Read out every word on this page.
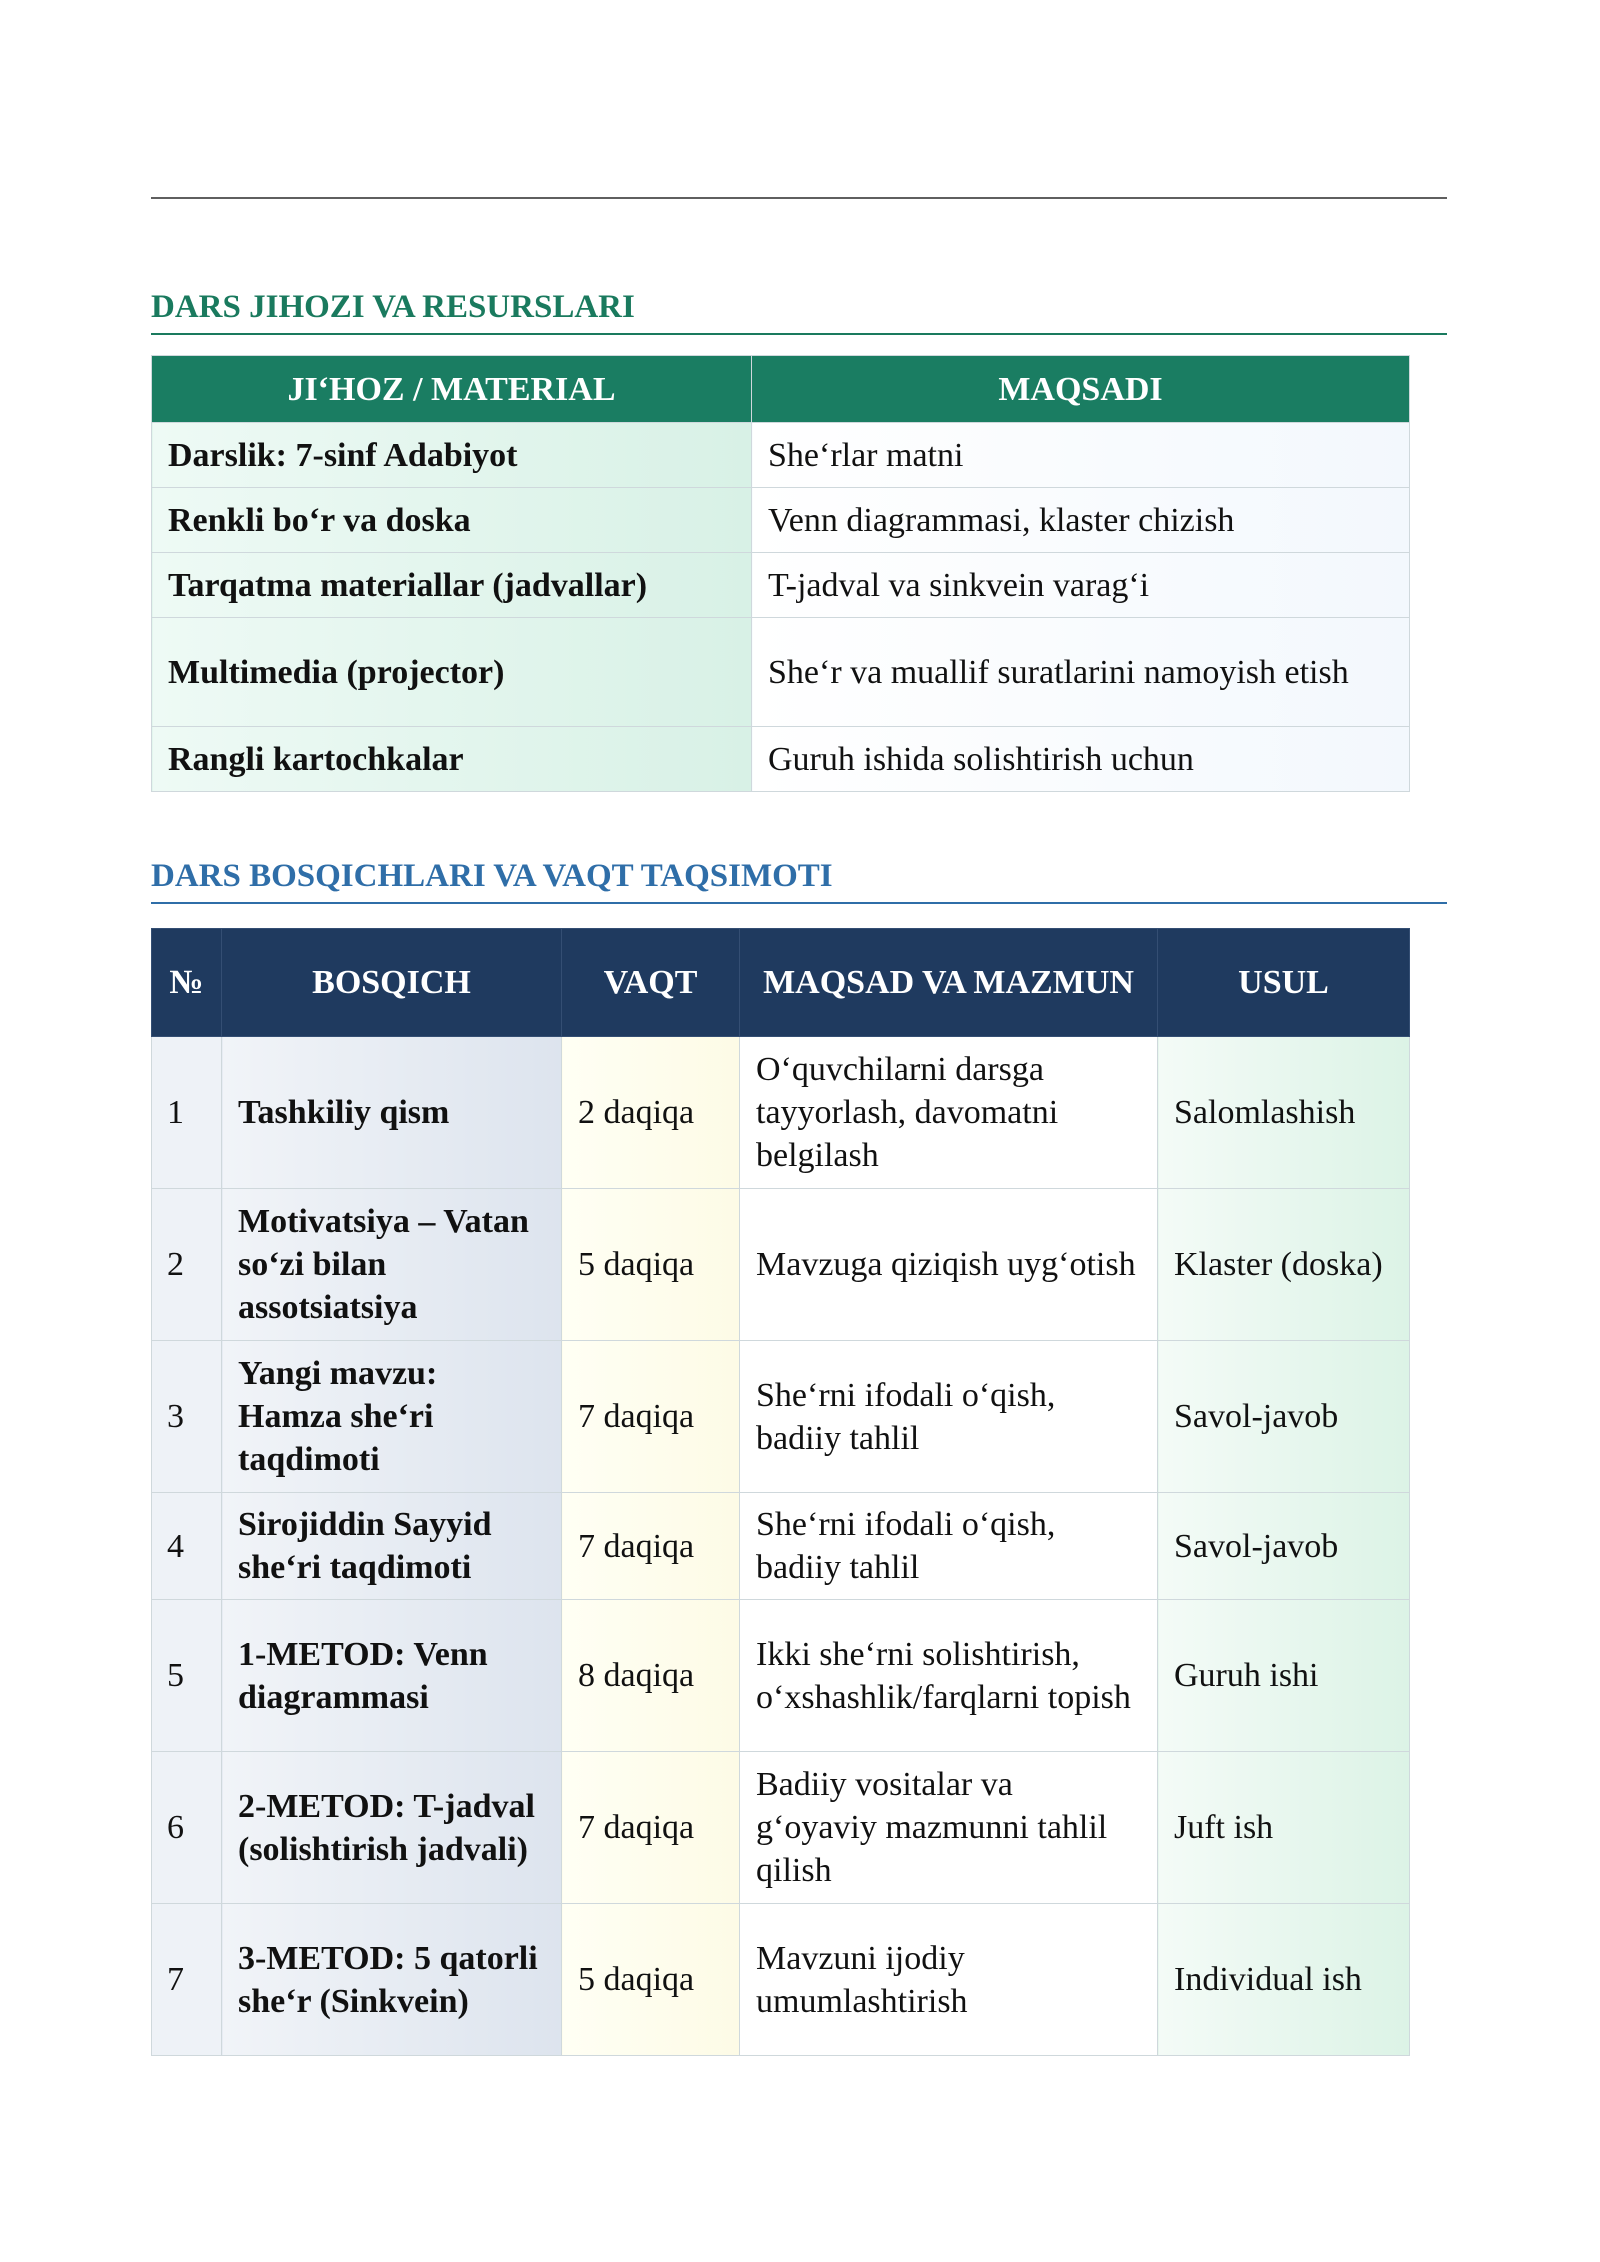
DARS JIHOZI VA RESURSLARI
JI‘HOZ / MATERIAL	MAQSADI
Darslik: 7-sinf Adabiyot	She‘rlar matni
Renkli bo‘r va doska	Venn diagrammasi, klaster chizish
Tarqatma materiallar (jadvallar)	T-jadval va sinkvein varag‘i
Multimedia (projector)	She‘r va muallif suratlarini namoyish etish
Rangli kartochkalar	Guruh ishida solishtirish uchun
DARS BOSQICHLARI VA VAQT TAQSIMOTI
№	BOSQICH	VAQT	MAQSAD VA MAZMUN	USUL
1	Tashkiliy qism	2 daqiqa	O‘quvchilarni darsga tayyorlash, davomatni belgilash	Salomlashish
2	Motivatsiya – Vatan so‘zi bilan assotsiatsiya	5 daqiqa	Mavzuga qiziqish uyg‘otish	Klaster (doska)
3	Yangi mavzu: Hamza she‘ri taqdimoti	7 daqiqa	She‘rni ifodali o‘qish, badiiy tahlil	Savol-javob
4	Sirojiddin Sayyid she‘ri taqdimoti	7 daqiqa	She‘rni ifodali o‘qish, badiiy tahlil	Savol-javob
5	1-METOD: Venn diagrammasi	8 daqiqa	Ikki she‘rni solishtirish, o‘xshashlik/farqlarni topish	Guruh ishi
6	2-METOD: T-jadval (solishtirish jadvali)	7 daqiqa	Badiiy vositalar va g‘oyaviy mazmunni tahlil qilish	Juft ish
7	3-METOD: 5 qatorli she‘r (Sinkvein)	5 daqiqa	Mavzuni ijodiy umumlashtirish	Individual ish
